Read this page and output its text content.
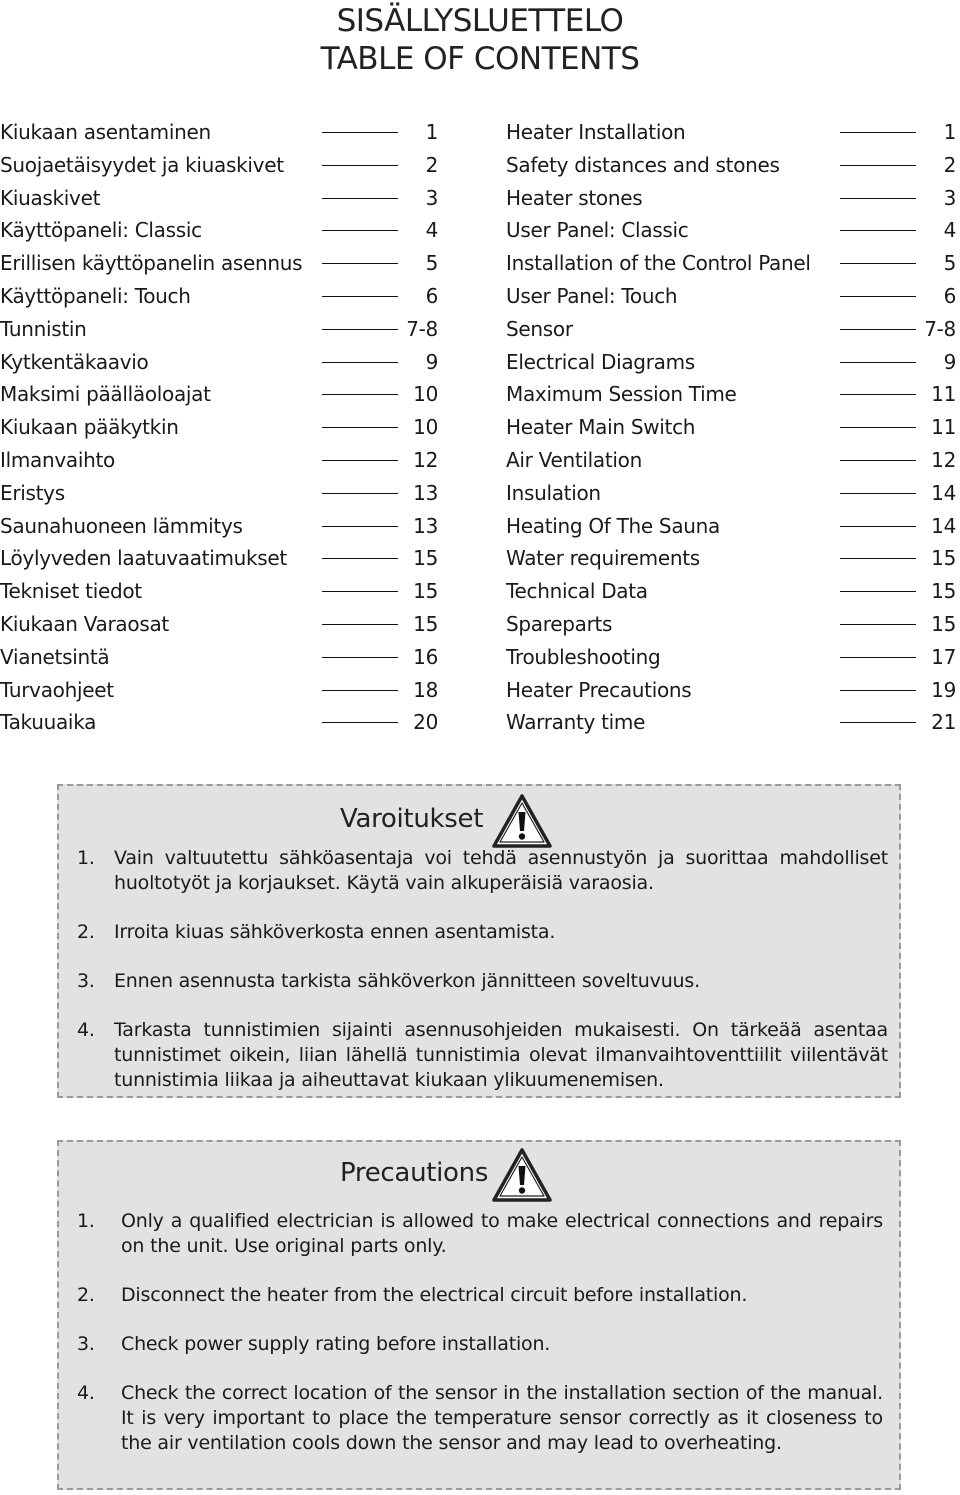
SISÄLLYSLUETTELO
TABLE OF CONTENTS
Kiukaan asentaminen	1
Suojaetäisyydet ja kiuaskivet	2
Kiuaskivet	3
Käyttöpaneli: Classic	4
Erillisen käyttöpanelin asennus	5
Käyttöpaneli: Touch	6
Tunnistin	7-8
Kytkentäkaavio	9
Maksimi päälläoloajat	10
Kiukaan pääkytkin	10
Ilmanvaihto	12
Eristys	13
Saunahuoneen lämmitys	13
Löylyveden laatuvaatimukset	15
Tekniset tiedot	15
Kiukaan Varaosat	15
Vianetsintä	16
Turvaohjeet	18
Takuuaika	20
Heater Installation	1
Safety distances and stones	2
Heater stones	3
User Panel: Classic	4
Installation of the Control Panel	5
User Panel: Touch	6
Sensor	7-8
Electrical Diagrams	9
Maximum Session Time	11
Heater Main Switch	11
Air Ventilation	12
Insulation	14
Heating Of The Sauna	14
Water requirements	15
Technical Data	15
Spareparts	15
Troubleshooting	17
Heater Precautions	19
Warranty time	21
Varoitukset
1. Vain valtuutettu sähköasentaja voi tehdä asennustyön ja suorittaa mahdolliset huoltotyöt ja korjaukset. Käytä vain alkuperäisiä varaosia.
2. Irroita kiuas sähköverkosta ennen asentamista.
3. Ennen asennusta tarkista sähköverkon jännitteen soveltuvuus.
4. Tarkasta tunnistimien sijainti asennusohjeiden mukaisesti. On tärkeää asentaa tunnistimet oikein, liian lähellä tunnistimia olevat ilmanvaihtoventtiilit viilentävät tunnistimia liikaa ja aiheuttavat kiukaan ylikuumenemisen.
Precautions
1. Only a qualified electrician is allowed to make electrical connections and repairs on the unit. Use original parts only.
2. Disconnect the heater from the electrical circuit before installation.
3. Check power supply rating before installation.
4. Check the correct location of the sensor in the installation section of the manual. It is very important to place the temperature sensor correctly as it closeness to the air ventilation cools down the sensor and may lead to overheating.
